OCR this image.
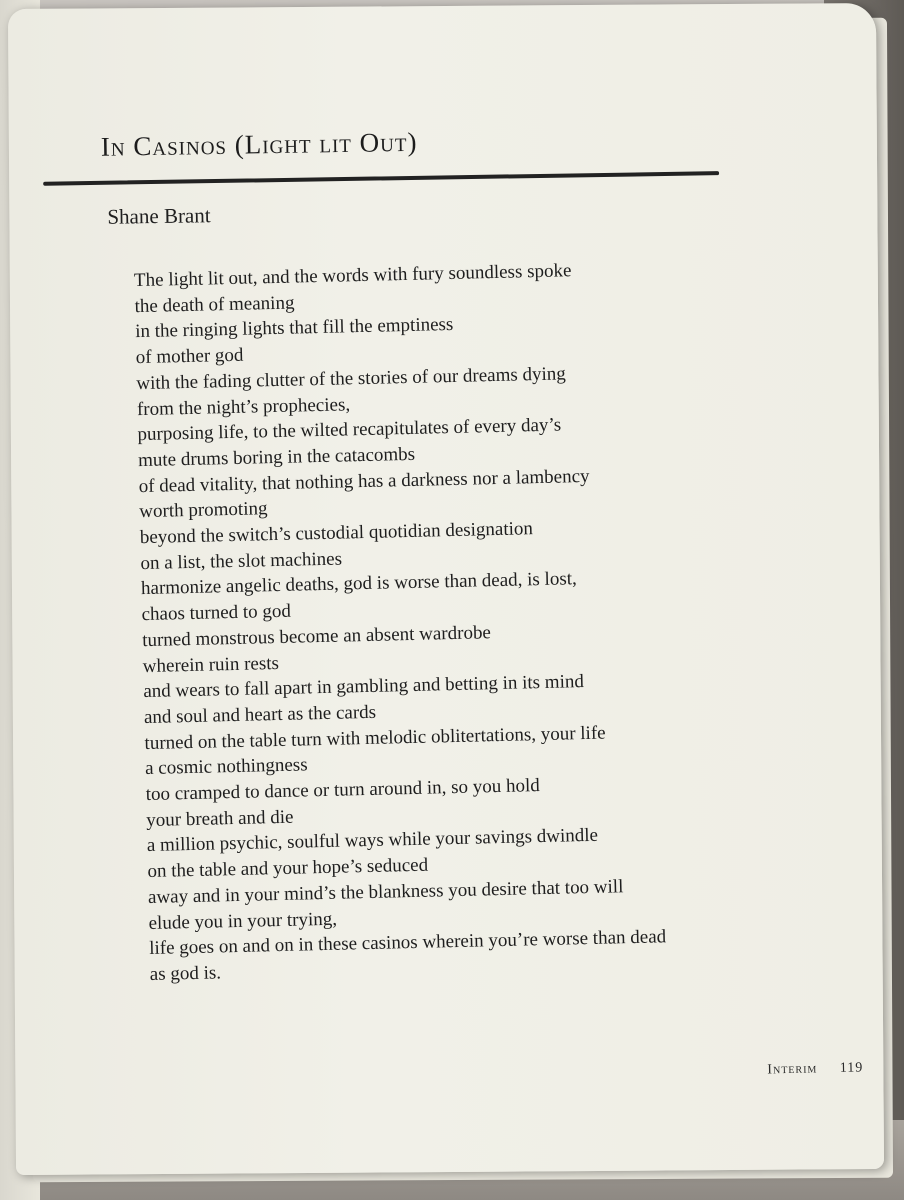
In Casinos (Light lit Out)
Shane Brant
The light lit out, and the words with fury soundless spoke
the death of meaning
in the ringing lights that fill the emptiness
of mother god
with the fading clutter of the stories of our dreams dying
from the night’s prophecies,
purposing life, to the wilted recapitulates of every day’s
mute drums boring in the catacombs
of dead vitality, that nothing has a darkness nor a lambency
worth promoting
beyond the switch’s custodial quotidian designation
on a list, the slot machines
harmonize angelic deaths, god is worse than dead, is lost,
chaos turned to god
turned monstrous become an absent wardrobe
wherein ruin rests
and wears to fall apart in gambling and betting in its mind
and soul and heart as the cards
turned on the table turn with melodic oblitertations, your life
a cosmic nothingness
too cramped to dance or turn around in, so you hold
your breath and die
a million psychic, soulful ways while your savings dwindle
on the table and your hope’s seduced
away and in your mind’s the blankness you desire that too will
elude you in your trying,
life goes on and on in these casinos wherein you’re worse than dead
as god is.
Interim 119
